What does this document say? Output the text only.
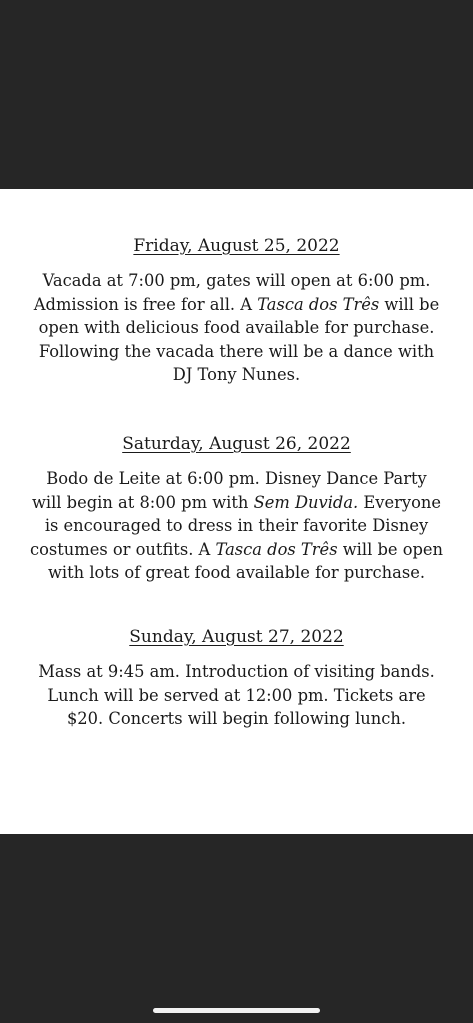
Friday, August 25, 2022

Vacada at 7:00 pm, gates will open at 6:00 pm.
Admission is free for all. A Tasca dos Três will be
open with delicious food available for purchase.
Following the vacada there will be a dance with
DJ Tony Nunes.

Saturday, August 26, 2022

Bodo de Leite at 6:00 pm. Disney Dance Party
will begin at 8:00 pm with Sem Duvida. Everyone
is encouraged to dress in their favorite Disney
costumes or outfits. A Tasca dos Três will be open
with lots of great food available for purchase.

Sunday, August 27, 2022

Mass at 9:45 am. Introduction of visiting bands.
Lunch will be served at 12:00 pm. Tickets are
$20. Concerts will begin following lunch.
